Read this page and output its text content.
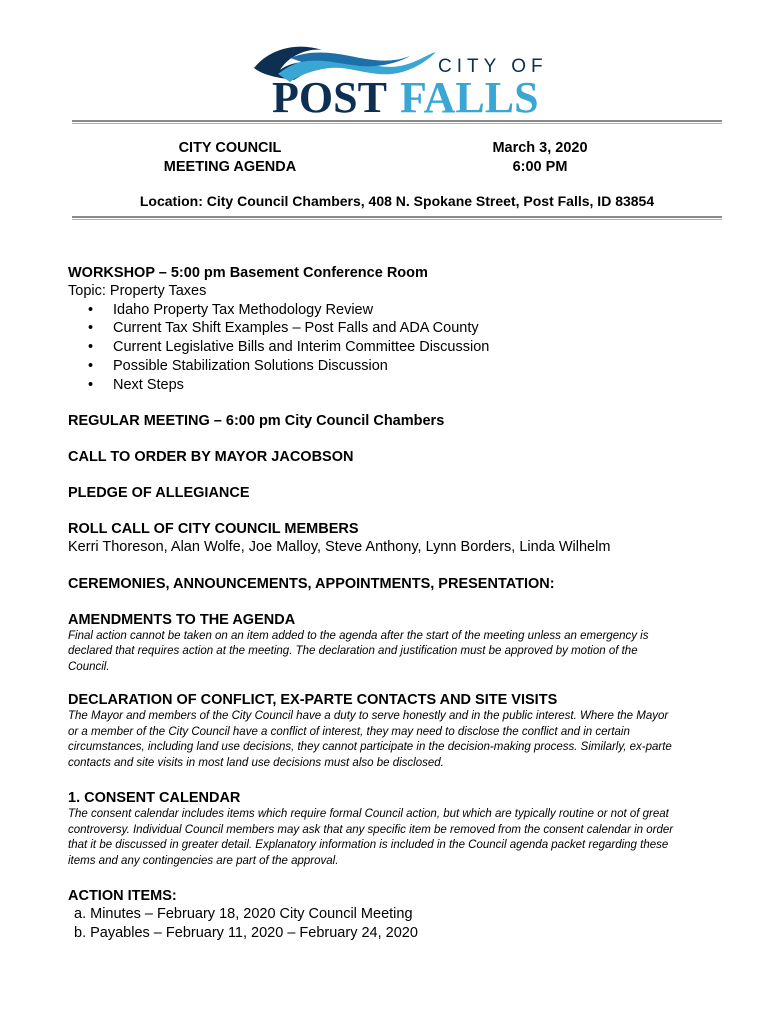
CITY OF
POST FALLS
CITY COUNCIL
MEETING AGENDA
March 3, 2020
6:00 PM
Location: City Council Chambers, 408 N. Spokane Street, Post Falls, ID 83854

WORKSHOP – 5:00 pm Basement Conference Room

Topic: Property Taxes

• Idaho Property Tax Methodology Review
• Current Tax Shift Examples – Post Falls and ADA County
• Current Legislative Bills and Interim Committee Discussion
• Possible Stabilization Solutions Discussion
• Next Steps

REGULAR MEETING – 6:00 pm City Council Chambers

CALL TO ORDER BY MAYOR JACOBSON

PLEDGE OF ALLEGIANCE

ROLL CALL OF CITY COUNCIL MEMBERS

Kerri Thoreson, Alan Wolfe, Joe Malloy, Steve Anthony, Lynn Borders, Linda Wilhelm

CEREMONIES, ANNOUNCEMENTS, APPOINTMENTS, PRESENTATION:

AMENDMENTS TO THE AGENDA

Final action cannot be taken on an item added to the agenda after the start of the meeting unless an emergency is

declared that requires action at the meeting. The declaration and justification must be approved by motion of the

Council.

DECLARATION OF CONFLICT, EX-PARTE CONTACTS AND SITE VISITS

The Mayor and members of the City Council have a duty to serve honestly and in the public interest. Where the Mayor

or a member of the City Council have a conflict of interest, they may need to disclose the conflict and in certain

circumstances, including land use decisions, they cannot participate in the decision-making process. Similarly, ex-parte

contacts and site visits in most land use decisions must also be disclosed.

1. CONSENT CALENDAR

The consent calendar includes items which require formal Council action, but which are typically routine or not of great

controversy. Individual Council members may ask that any specific item be removed from the consent calendar in order

that it be discussed in greater detail. Explanatory information is included in the Council agenda packet regarding these

items and any contingencies are part of the approval.

ACTION ITEMS:

a. Minutes – February 18, 2020 City Council Meeting
b. Payables – February 11, 2020 – February 24, 2020
